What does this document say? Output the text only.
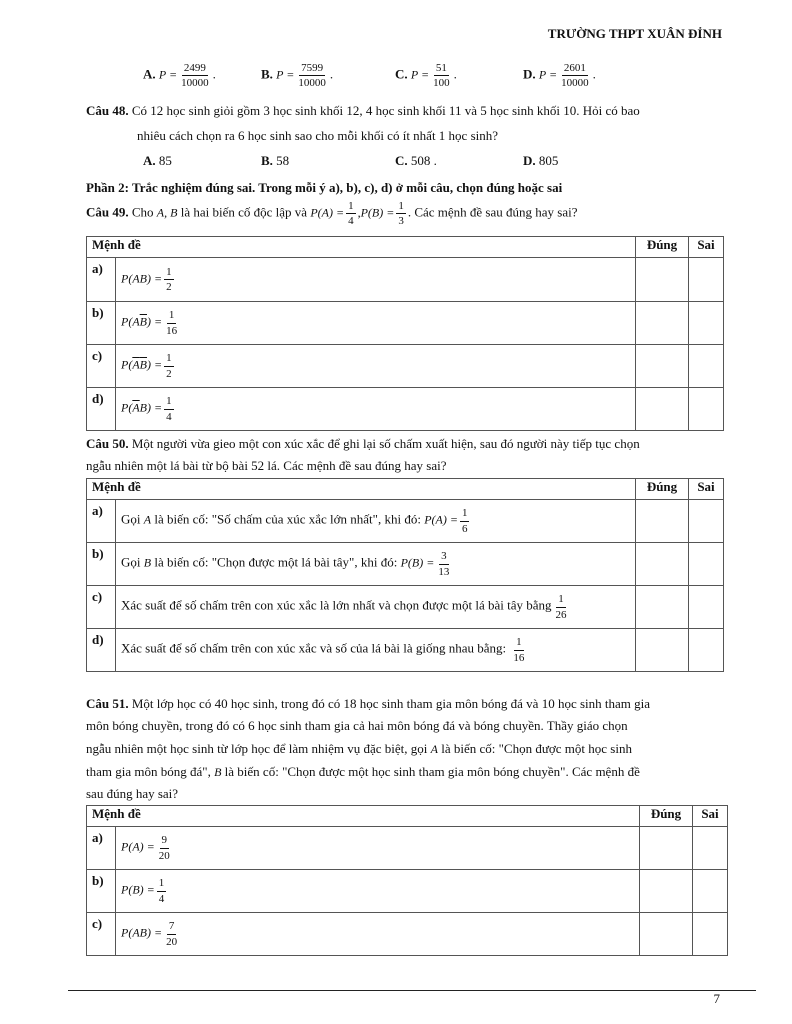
TRƯỜNG THPT XUÂN ĐỈNH
A. $P = \frac{2499}{10000}$ .	B. $P = \frac{7599}{10000}$ .	C. $P = \frac{51}{100}$ .	D. $P = \frac{2601}{10000}$ .
Câu 48. Có 12 học sinh giỏi gồm 3 học sinh khối 12, 4 học sinh khối 11 và 5 học sinh khối 10. Hỏi có bao
nhiêu cách chọn ra 6 học sinh sao cho mỗi khối có ít nhất 1 học sinh?
A. 85	B. 58	C. 508 .	D. 805
Phần 2: Trắc nghiệm đúng sai. Trong mỗi ý a), b), c), d) ở mỗi câu, chọn đúng hoặc sai
Câu 49. Cho A, B là hai biến cố độc lập và $P(A) = \frac{1}{4} ,P(B) = \frac{1}{3}$ . Các mệnh đề sau đúng hay sai?
Mệnh đề		Đúng	Sai
a)	$P(AB) = \frac{1}{2}$

b)	$P(A\overline{B}) = \frac{1}{16}$

c)	$P(\overline{A}\overline{B}) = \frac{1}{2}$

d)	$P(\overline{A}B) = \frac{1}{4}$

Câu 50. Một người vừa gieo một con xúc xắc để ghi lại số chấm xuất hiện, sau đó người này tiếp tục chọn
ngẫu nhiên một lá bài từ bộ bài 52 lá. Các mệnh đề sau đúng hay sai?
Mệnh đề		Đúng	Sai
a)	Gọi A là biến cố: "Số chấm của xúc xắc lớn nhất", khi đó: $P(A) = \frac{1}{6}$

b)	Gọi B là biến cố: "Chọn được một lá bài tây", khi đó: $P(B) = \frac{3}{13}$

c)	Xác suất để số chấm trên con xúc xắc là lớn nhất và chọn được một lá bài tây bằng $\frac{1}{26}$

d)	Xác suất để số chấm trên con xúc xắc và số của lá bài là giống nhau bằng: $\frac{1}{16}$

Câu 51. Một lớp học có 40 học sinh, trong đó có 18 học sinh tham gia môn bóng đá và 10 học sinh tham gia
môn bóng chuyền, trong đó có 6 học sinh tham gia cả hai môn bóng đá và bóng chuyền. Thầy giáo chọn
ngẫu nhiên một học sinh từ lớp học để làm nhiệm vụ đặc biệt, gọi A là biến cố: "Chọn được một học sinh
tham gia môn bóng đá", B là biến cố: "Chọn được một học sinh tham gia môn bóng chuyền". Các mệnh đề
sau đúng hay sai?
Mệnh đề		Đúng	Sai
a)	$P(A) = \frac{9}{20}$

b)	$P(B) = \frac{1}{4}$

c)	$P(AB) = \frac{7}{20}$

7
